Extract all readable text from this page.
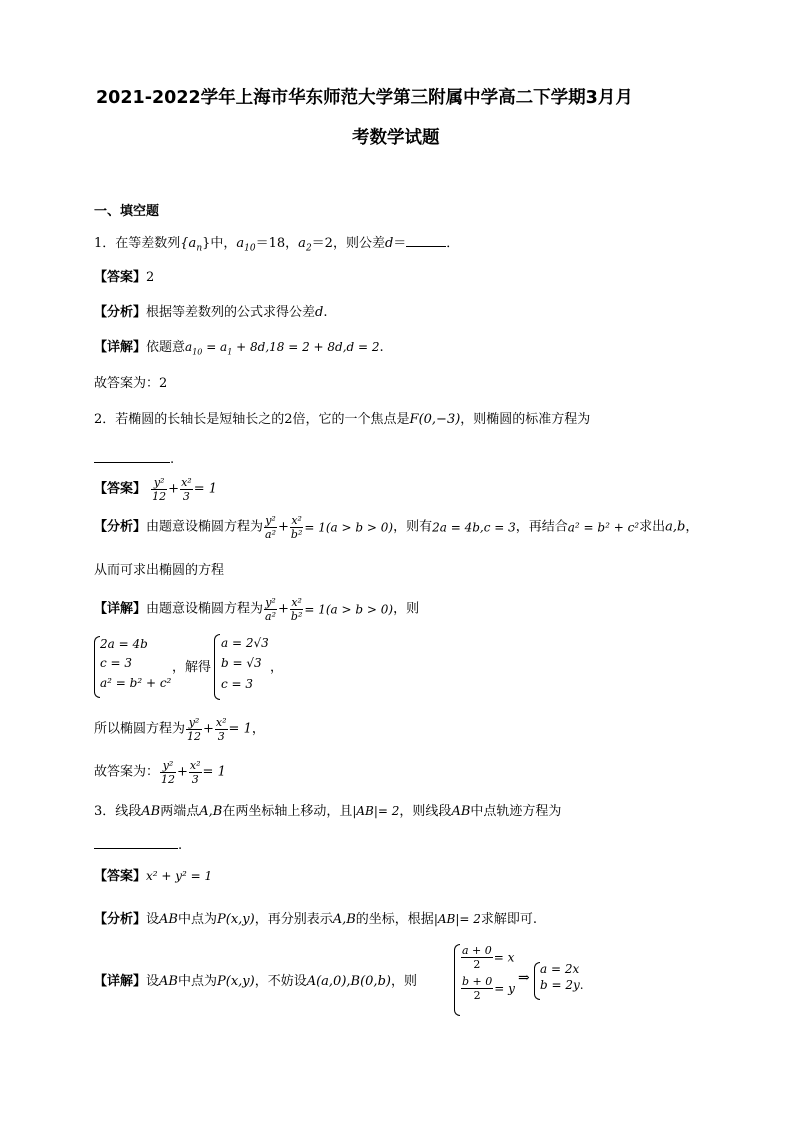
2021-2022学年上海市华东师范大学第三附属中学高二下学期3月月
考数学试题
一、填空题
1．在等差数列$\{a_n\}$中，$a_{10}=18$，$a_2=2$，则公差d＝	．
【答案】2
【分析】根据等差数列的公式求得公差d.
【详解】依题意$a_{10} = a_1 + 8d,18 = 2 + 8d,d = 2$.
故答案为：2
2．若椭圆的长轴长是短轴长之的2倍，它的一个焦点是F(0,−3)，则椭圆的标准方程为
.
【答案】 $\frac{\text{y²}}{12} + \frac{\text{x²}}{3} = 1$
【分析】由题意设椭圆方程为 $\frac{\text{y²}}{\text{a²}} + \frac{\text{x²}}{\text{b²}} = 1(a > b > 0)$，则有2a = 4b,c = 3，再结合a² = b² + c²求出a,b，
从而可求出椭圆的方程
【详解】由题意设椭圆方程为 $\frac{\text{y²}}{\text{a²}} + \frac{\text{x²}}{\text{b²}} = 1(a > b > 0)$，则
2a = 4b
c = 3
a² = b² + c²
，解得
a = 2√3
b = √3
c = 3
，
所以椭圆方程为 $\frac{\text{y²}}{12} + \frac{\text{x²}}{3} = 1$，
故答案为： $\frac{\text{y²}}{12} + \frac{\text{x²}}{3} = 1$
3．线段AB两端点A,B在两坐标轴上移动，且|AB|= 2，则线段AB中点轨迹方程为
.
【答案】x² + y² = 1
【分析】设AB中点为P(x,y)，再分别表示A,B的坐标，根据|AB|= 2求解即可.
【详解】设AB中点为P(x,y)，不妨设A(a,0),B(0,b)，则
$\frac{a + 0}{2} = x$
$\frac{b + 0}{2} = y$
⇒
a = 2x
b = 2y.
